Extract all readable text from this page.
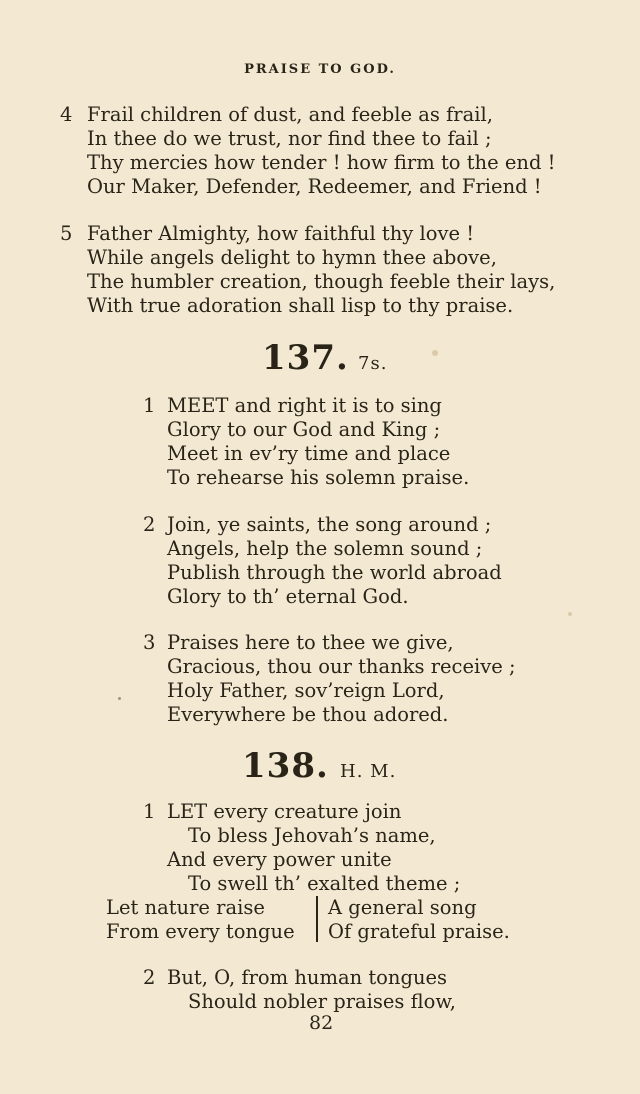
PRAISE TO GOD.
4 Frail children of dust, and feeble as frail,
In thee do we trust, nor find thee to fail ;
Thy mercies how tender ! how firm to the end !
Our Maker, Defender, Redeemer, and Friend !
5 Father Almighty, how faithful thy love !
While angels delight to hymn thee above,
The humbler creation, though feeble their lays,
With true adoration shall lisp to thy praise.
137. 7s.
1 MEET and right it is to sing
Glory to our God and King ;
Meet in ev’ry time and place
To rehearse his solemn praise.
2 Join, ye saints, the song around ;
Angels, help the solemn sound ;
Publish through the world abroad
Glory to th’ eternal God.
3 Praises here to thee we give,
Gracious, thou our thanks receive ;
Holy Father, sov’reign Lord,
Everywhere be thou adored.
138. H. M.
1 LET every creature join
To bless Jehovah’s name,
And every power unite
To swell th’ exalted theme ;
Let nature raise
From every tongue
A general song
Of grateful praise.
2 But, O, from human tongues
Should nobler praises flow,
82
